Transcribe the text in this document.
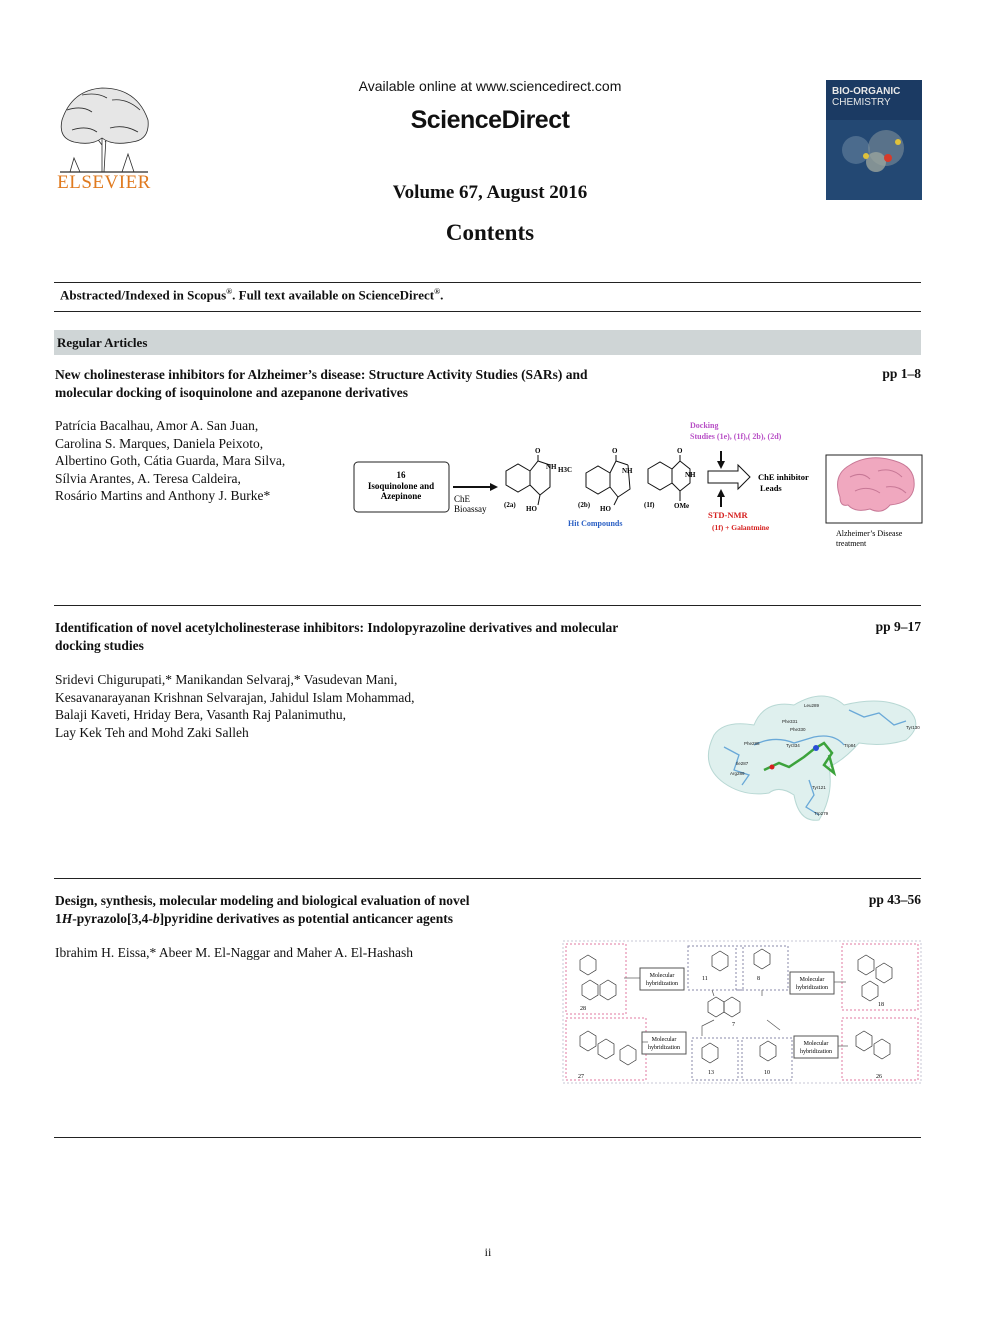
ELSEVIER
Available online at www.sciencedirect.com
ScienceDirect
BIO-ORGANIC
CHEMISTRY
Volume 67, August 2016
Contents
Abstracted/Indexed in Scopus®. Full text available on ScienceDirect®.
Regular Articles
New cholinesterase inhibitors for Alzheimer’s disease: Structure Activity Studies (SARs) and
molecular docking of isoquinolone and azepanone derivatives
pp 1–8
Patrícia Bacalhau, Amor A. San Juan,
Carolina S. Marques, Daniela Peixoto,
Albertino Goth, Cátia Guarda, Mara Silva,
Sílvia Arantes, A. Teresa Caldeira,
Rosário Martins and Anthony J. Burke*
16
Isoquinolone and
Azepinone	ChE
Bioassay
O
NH
HO
(2a)
H3C
O
NH
HO
(2b)
O
NH
OMe
(1f)
Hit Compounds
Docking
Studies (1e), (1f),( 2b), (2d)
STD-NMR
(1f) + Galantmine
ChE inhibitor
Leads
Alzheimer’s Disease
treatment
Identification of novel acetylcholinesterase inhibitors: Indolopyrazoline derivatives and molecular
docking studies
pp 9–17
Sridevi Chigurupati,* Manikandan Selvaraj,* Vasudevan Mani,
Kesavanarayanan Krishnan Selvarajan, Jahidul Islam Mohammad,
Balaji Kaveti, Hriday Bera, Vasanth Raj Palanimuthu,
Lay Kek Teh and Mohd Zaki Salleh
Leu289
Phe331
Phe330
Trp84
Tyr334
Phe288
Ile287
Arg289
Tyr121
Tyr130
Trp279
Design, synthesis, molecular modeling and biological evaluation of novel
1H-pyrazolo[3,4-b]pyridine derivatives as potential anticancer agents
pp 43–56
Ibrahim H. Eissa,* Abeer M. El-Naggar and Maher A. El-Hashash
Molecular
hybridization
Molecular
hybridization
Molecular
hybridization
Molecular
hybridization
11	8
7
13	10
18
28
26
27
ii
